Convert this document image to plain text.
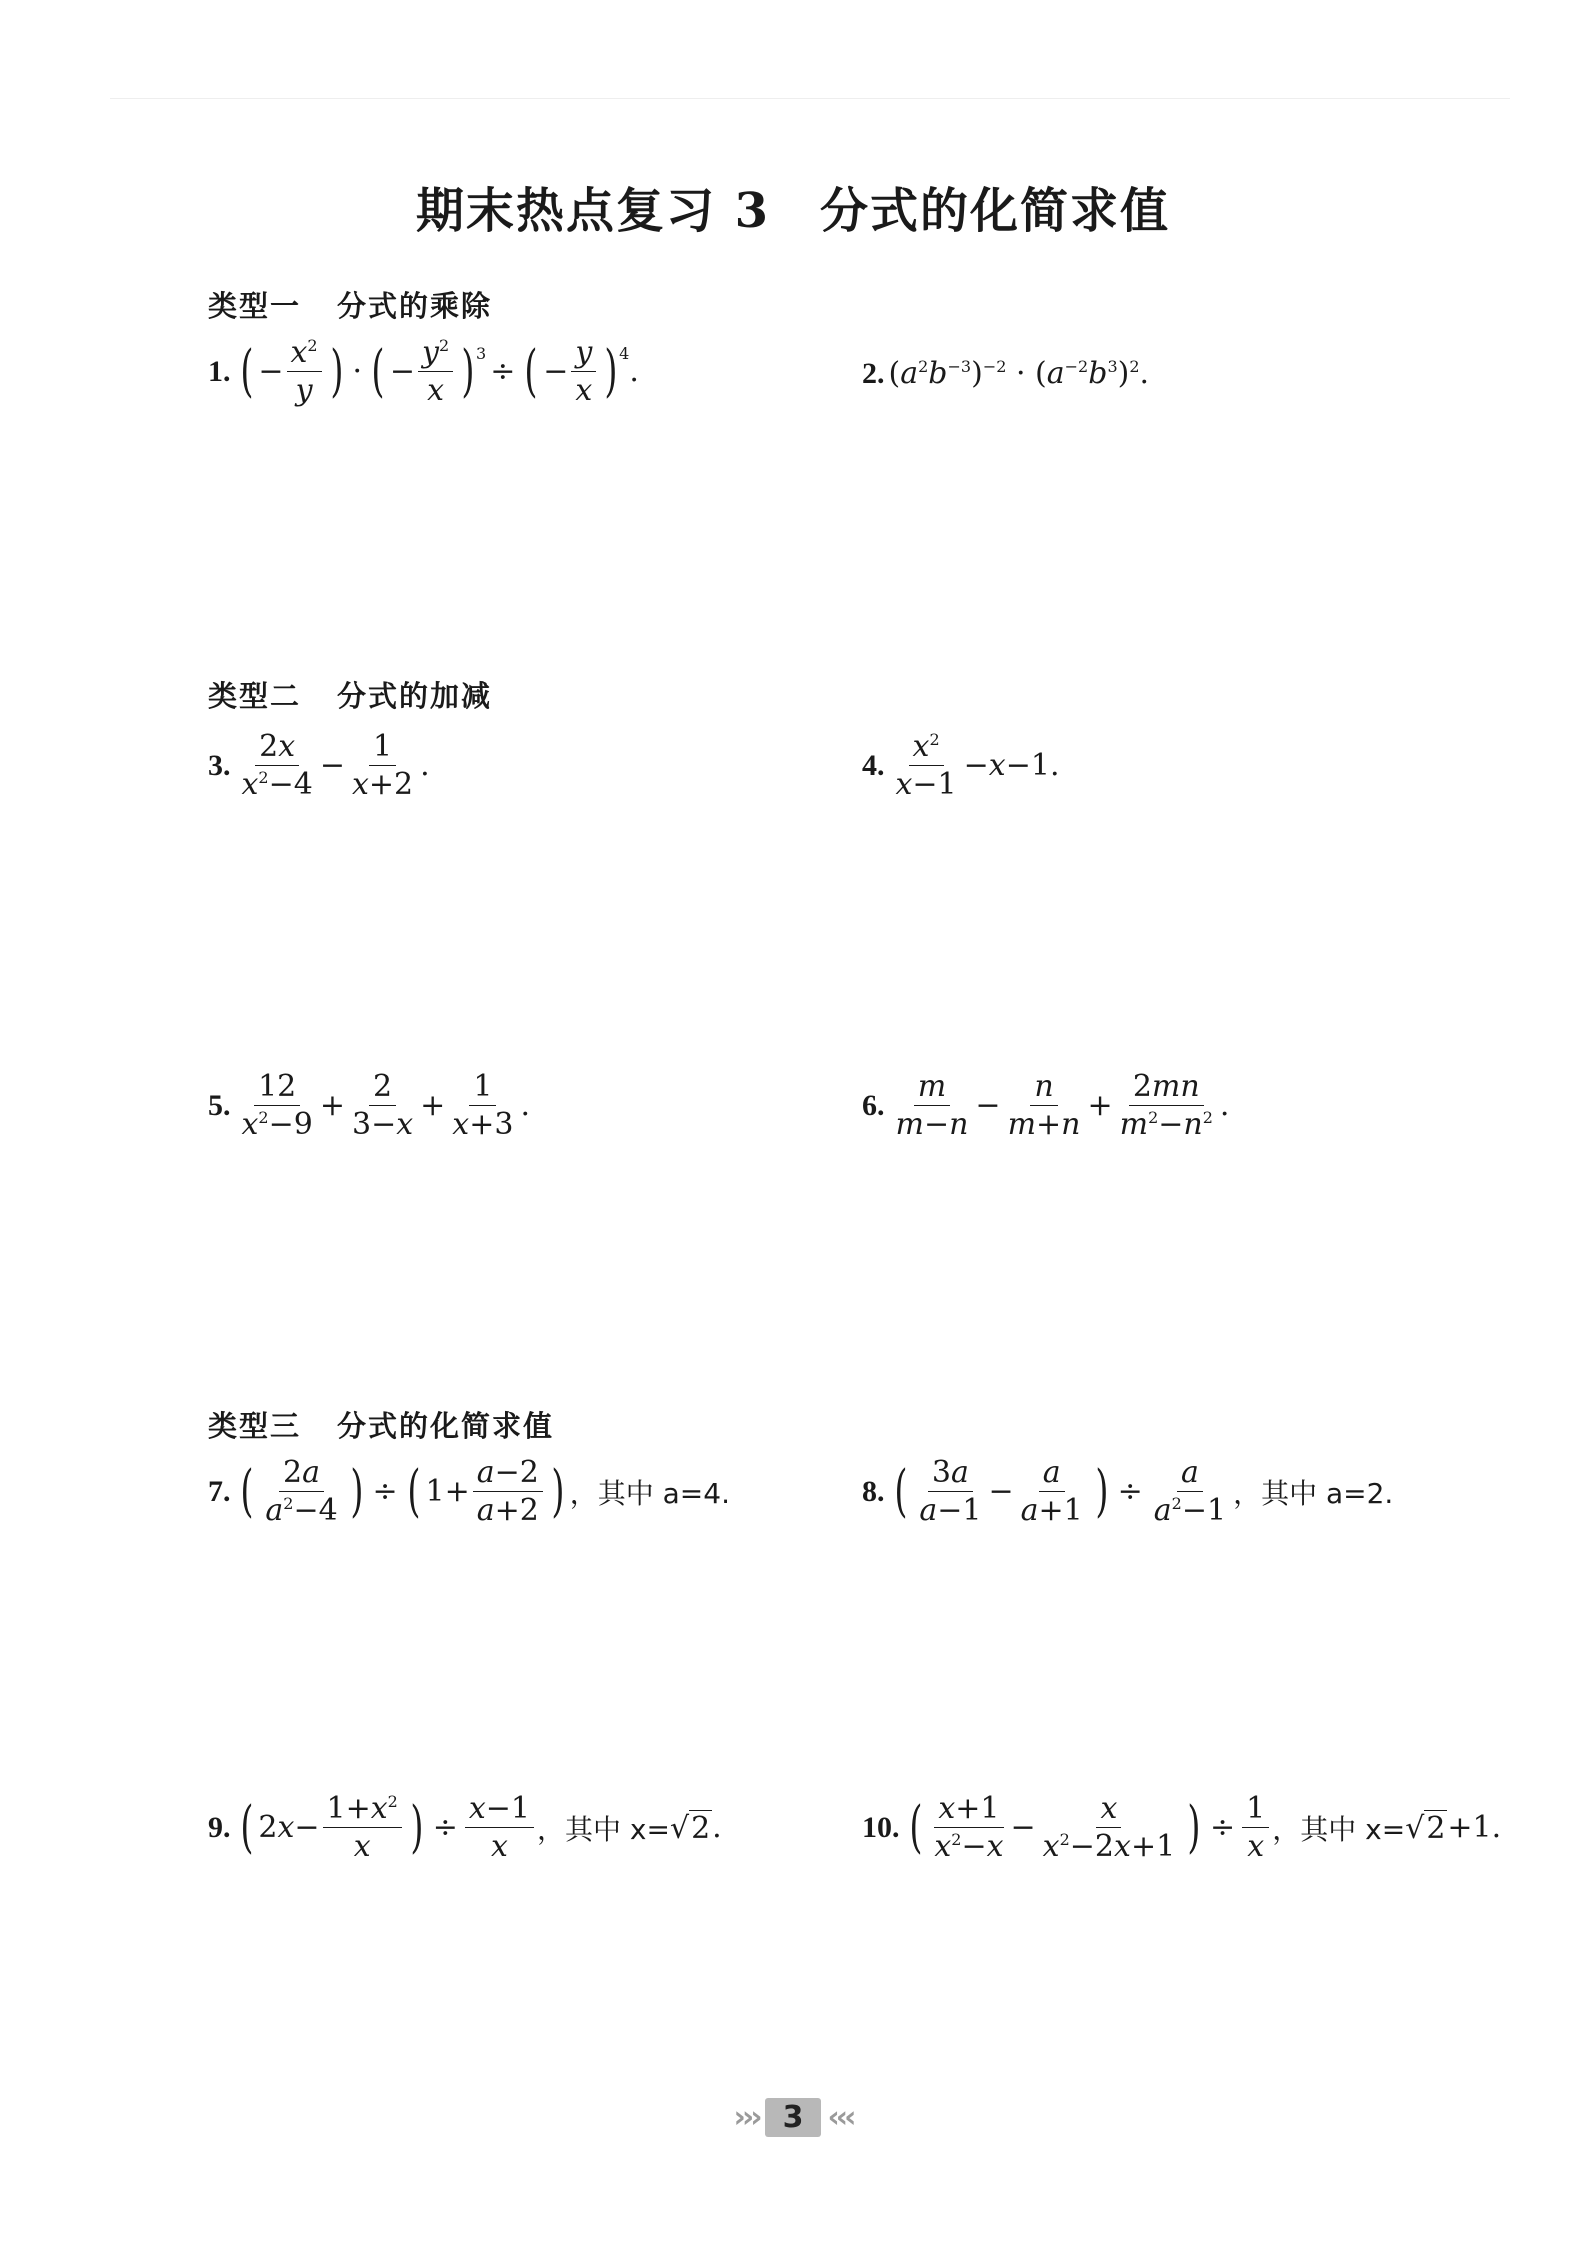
期末热点复习 3　分式的化简求值
类型一 分式的乘除
1. ( − $\frac{x^2}{y}$ ) · ( − $\frac{y^2}{x} )^3$
÷ ( − $\frac{y}{x} )^4$
.	2. $(a^2b^{-3})^{-2} \cdot (a^{-2}b^3)^2$.
类型二 分式的加减
3. $\frac{2x}{x^2-4} - \frac{1}{x+2}$ .	4. $\frac{x^2}{x-1} -x-1$.
5. $\frac{12}{x^2-9} + \frac{2}{3-x} + \frac{1}{x+3}$ .	6. $\frac{m}{m-n} - \frac{n}{m+n} + \frac{2mn}{m^2-n^2}$ .
类型三 分式的化简求值
7. ( $\frac{2a}{a^2-4}$ ) ÷ ( $1+ \frac{a-2}{a+2}$ ) ，其中 a=4.	8. ( $\frac{3a}{a-1} - \frac{a}{a+1}$ ) ÷ $\frac{a}{a^2-1}$ ，其中 a=2.
9. ( $2x- \frac{1+x^2}{x}$ ) ÷ $\frac{x-1}{x}$ ，其中 x= √ 2 .	10. ( $\frac{x+1}{x^2-x} - \frac{x}{x^2-2x+1}$ ) ÷ $\frac{1}{x}$ ，其中 x= √ 2 +1.
››› 3 ‹‹‹
